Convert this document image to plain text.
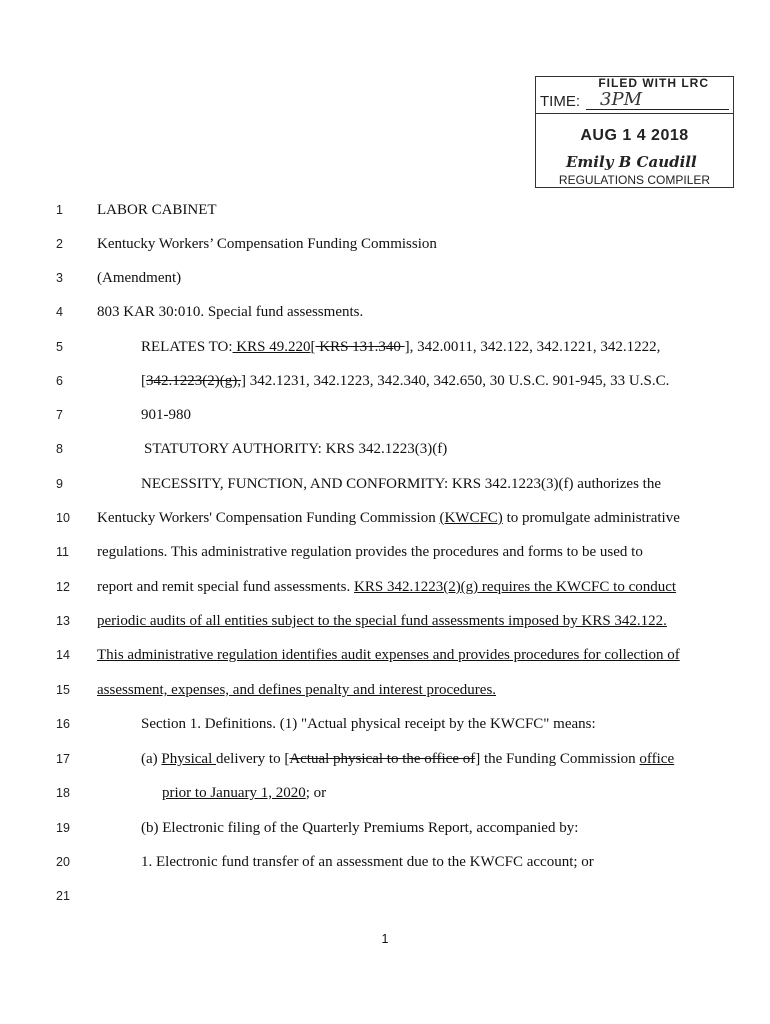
FILED WITH LRC
TIME: 3PM
AUG 1 4 2018
Emily B Caudill
REGULATIONS COMPILER
1	LABOR CABINET
2	Kentucky Workers’ Compensation Funding Commission
3	(Amendment)
4	803 KAR 30:010. Special fund assessments.
5	RELATES TO: KRS 49.220[ KRS 131.340 ], 342.0011, 342.122, 342.1221, 342.1222,
6	[342.1223(2)(g),] 342.1231, 342.1223, 342.340, 342.650, 30 U.S.C. 901-945, 33 U.S.C.
7	901-980
8	STATUTORY AUTHORITY: KRS 342.1223(3)(f)
9	NECESSITY, FUNCTION, AND CONFORMITY: KRS 342.1223(3)(f) authorizes the
10	Kentucky Workers' Compensation Funding Commission (KWCFC) to promulgate administrative
11	regulations. This administrative regulation provides the procedures and forms to be used to
12	report and remit special fund assessments. KRS 342.1223(2)(g) requires the KWCFC to conduct
13	periodic audits of all entities subject to the special fund assessments imposed by KRS 342.122.
14	This administrative regulation identifies audit expenses and provides procedures for collection of
15	assessment, expenses, and defines penalty and interest procedures.
16	Section 1. Definitions. (1) "Actual physical receipt by the KWCFC" means:
17	(a) Physical delivery to [Actual physical to the office of] the Funding Commission office
18	prior to January 1, 2020; or
19	(b) Electronic filing of the Quarterly Premiums Report, accompanied by:
20	1. Electronic fund transfer of an assessment due to the KWCFC account; or
21
1
